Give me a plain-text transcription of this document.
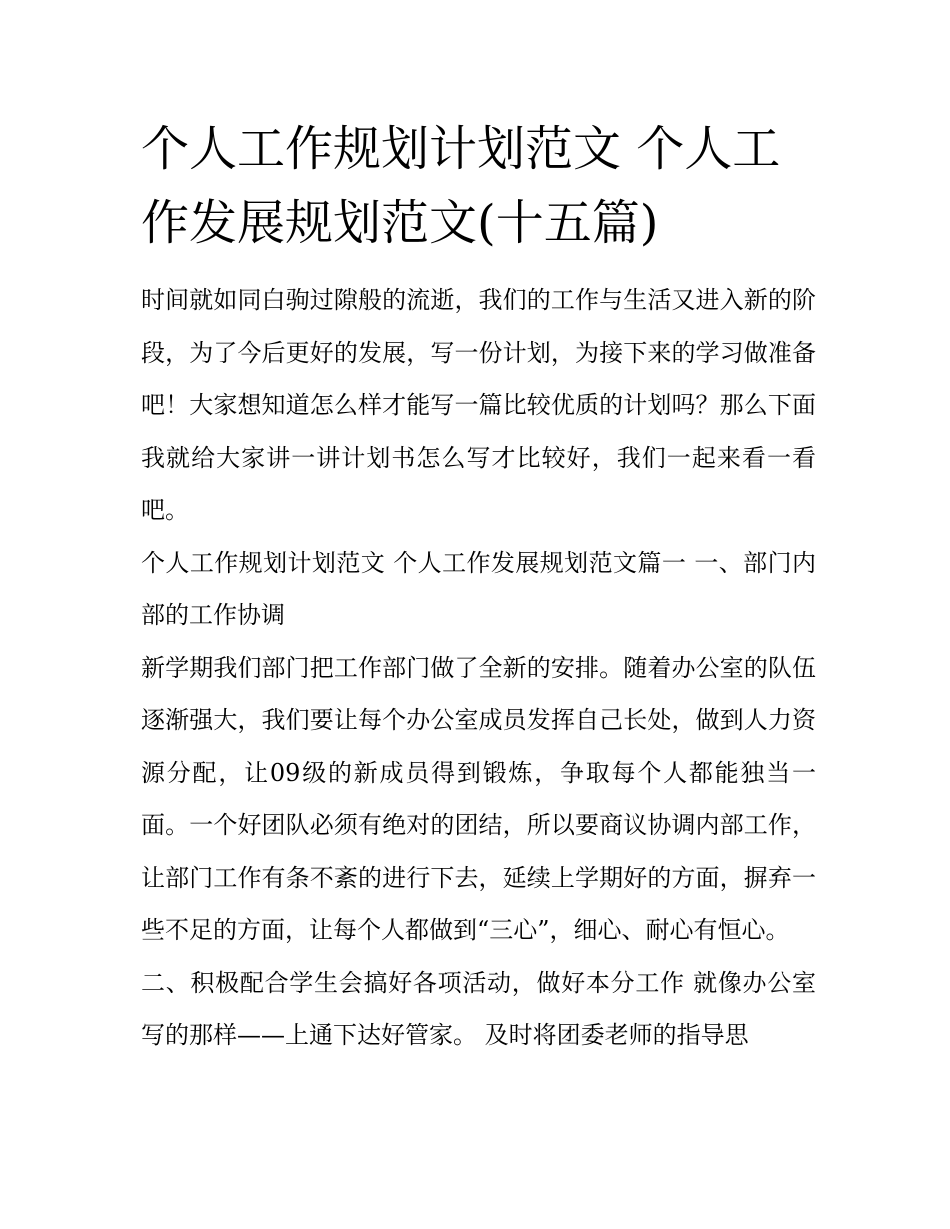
个人工作规划计划范文 个人工作发展规划范文(十五篇)

时间就如同白驹过隙般的流逝，我们的工作与生活又进入新的阶段，为了今后更好的发展，写一份计划，为接下来的学习做准备吧！大家想知道怎么样才能写一篇比较优质的计划吗？那么下面我就给大家讲一讲计划书怎么写才比较好，我们一起来看一看吧。

个人工作规划计划范文 个人工作发展规划范文篇一 一、部门内部的工作协调

新学期我们部门把工作部门做了全新的安排。随着办公室的队伍逐渐强大，我们要让每个办公室成员发挥自己长处，做到人力资源分配，让09级的新成员得到锻炼，争取每个人都能独当一面。一个好团队必须有绝对的团结，所以要商议协调内部工作，让部门工作有条不紊的进行下去，延续上学期好的方面，摒弃一些不足的方面，让每个人都做到“三心”，细心、耐心有恒心。

二、积极配合学生会搞好各项活动，做好本分工作 就像办公室写的那样——上通下达好管家。 及时将团委老师的指导思
